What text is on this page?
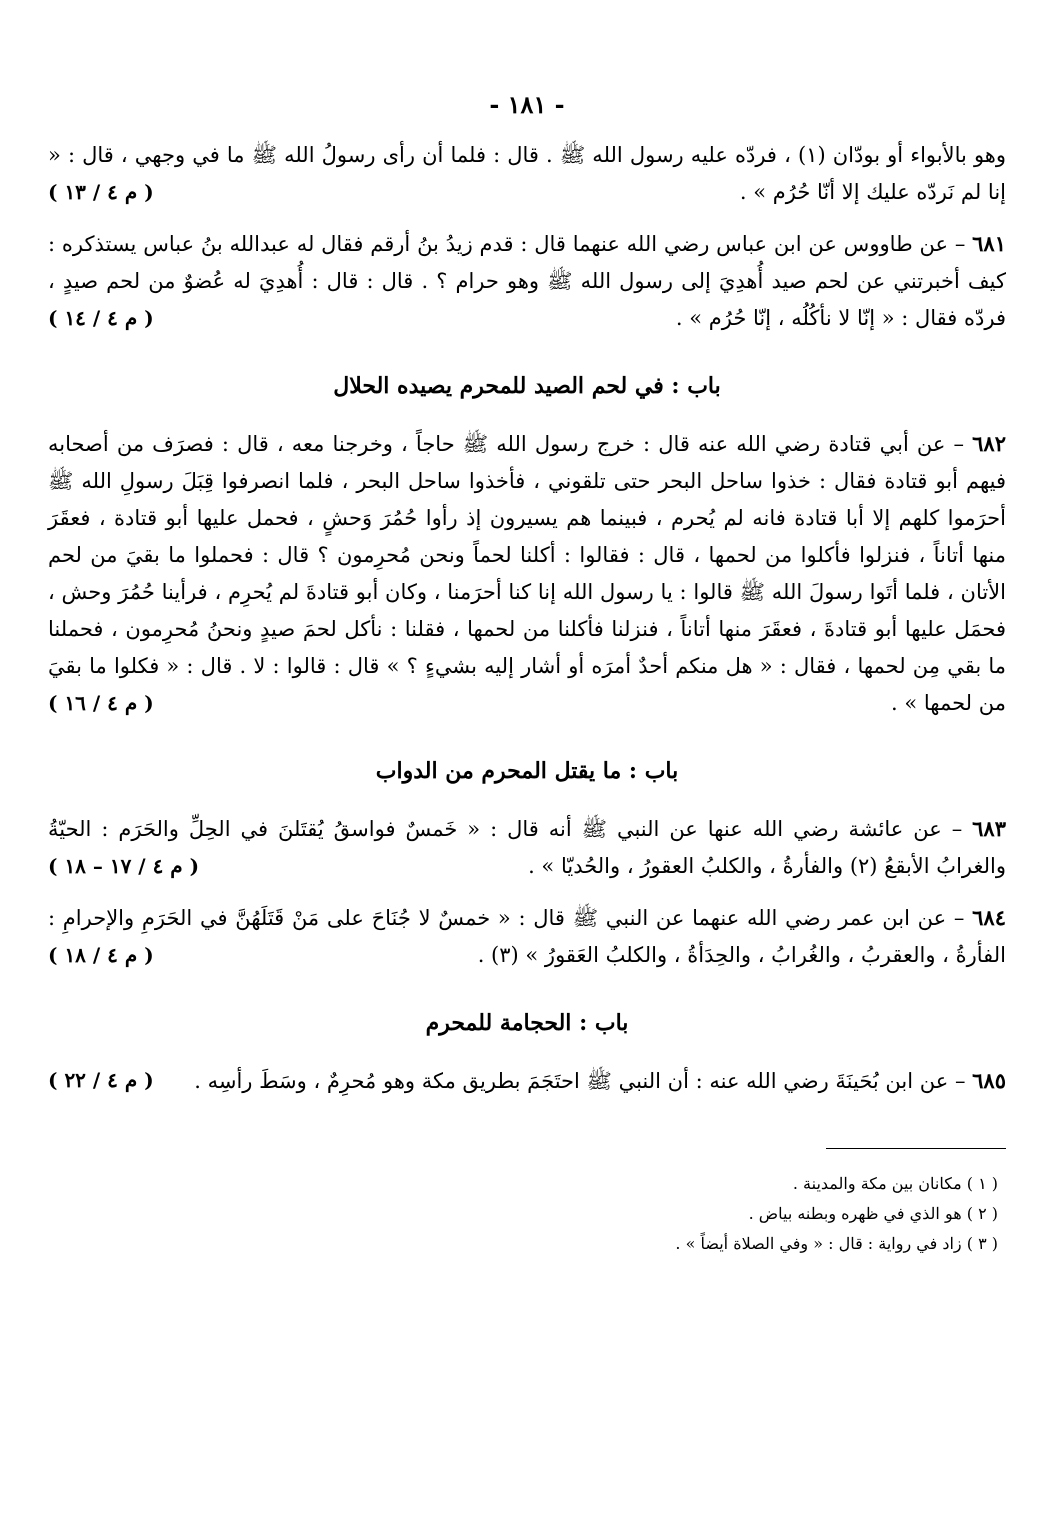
- ١٨١ -
وهو بالأبواء أو بودّان (١) ، فردّه عليه رسول الله ﷺ . قال : فلما أن رأى رسولُ الله ﷺ ما في وجهي ، قال : « إنا لم نَردّه عليك إلا أنّا حُرُم » .
( م ٤ / ١٣ )
٦٨١ – عن طاووس عن ابن عباس رضي الله عنهما قال : قدم زيدُ بنُ أرقم فقال له عبدالله بنُ عباس يستذكره : كيف أخبرتني عن لحم صيد أُهدِيَ إلى رسول الله ﷺ وهو حرام ؟ . قال : قال : أُهدِيَ له عُضوٌ من لحم صيدٍ ، فردّه فقال : « إنّا لا نأكُلُه ، إنّا حُرُم » .
( م ٤ / ١٤ )
باب : في لحم الصيد للمحرم يصيده الحلال
٦٨٢ – عن أبي قتادة رضي الله عنه قال : خرج رسول الله ﷺ حاجاً ، وخرجنا معه ، قال : فصرَف من أصحابه فيهم أبو قتادة فقال : خذوا ساحل البحر حتى تلقوني ، فأخذوا ساحل البحر ، فلما انصرفوا قِبَلَ رسولِ الله ﷺ أحرَموا كلهم إلا أبا قتادة فانه لم يُحرم ، فبينما هم يسيرون إذ رأوا حُمُرَ وَحشٍ ، فحمل عليها أبو قتادة ، فعقَرَ منها أتاناً ، فنزلوا فأكلوا من لحمها ، قال : فقالوا : أكلنا لحماً ونحن مُحرِمون ؟ قال : فحملوا ما بقيَ من لحم الأتان ، فلما أتَوا رسولَ الله ﷺ قالوا : يا رسول الله إنا كنا أحرَمنا ، وكان أبو قتادةَ لم يُحرِم ، فرأينا حُمُرَ وحش ، فحمَل عليها أبو قتادةَ ، فعقَرَ منها أتاناً ، فنزلنا فأكلنا من لحمها ، فقلنا : نأكل لحمَ صيدٍ ونحنُ مُحرِمون ، فحملنا ما بقي مِن لحمها ، فقال : « هل منكم أحدٌ أمرَه أو أشار إليه بشيءٍ ؟ » قال : قالوا : لا . قال : « فكلوا ما بقيَ من لحمها » .
( م ٤ / ١٦ )
باب : ما يقتل المحرم من الدواب
٦٨٣ – عن عائشة رضي الله عنها عن النبي ﷺ أنه قال : « خَمسٌ فواسقُ يُقتَلنَ في الحِلِّ والحَرَم : الحيّةُ والغرابُ الأبقعُ (٢) والفأرةُ ، والكلبُ العقورُ ، والحُديّا » .
( م ٤ / ١٧ – ١٨ )
٦٨٤ – عن ابن عمر رضي الله عنهما عن النبي ﷺ قال : « خمسٌ لا جُنَاحَ على مَنْ قَتَلَهُنَّ في الحَرَمِ والإحرامِ : الفأرةُ ، والعقربُ ، والغُرابُ ، والحِدَأةُ ، والكلبُ العَقورُ » (٣) .
( م ٤ / ١٨ )
باب : الحجامة للمحرم
٦٨٥ – عن ابن بُحَينَةَ رضي الله عنه : أن النبي ﷺ احتَجَمَ بطريق مكة وهو مُحرِمٌ ، وسَطَ رأسِه .
( م ٤ / ٢٢ )
( ١ ) مكانان بين مكة والمدينة .
( ٢ ) هو الذي في ظهره وبطنه بياض .
( ٣ ) زاد في رواية : قال : « وفي الصلاة أيضاً » .
